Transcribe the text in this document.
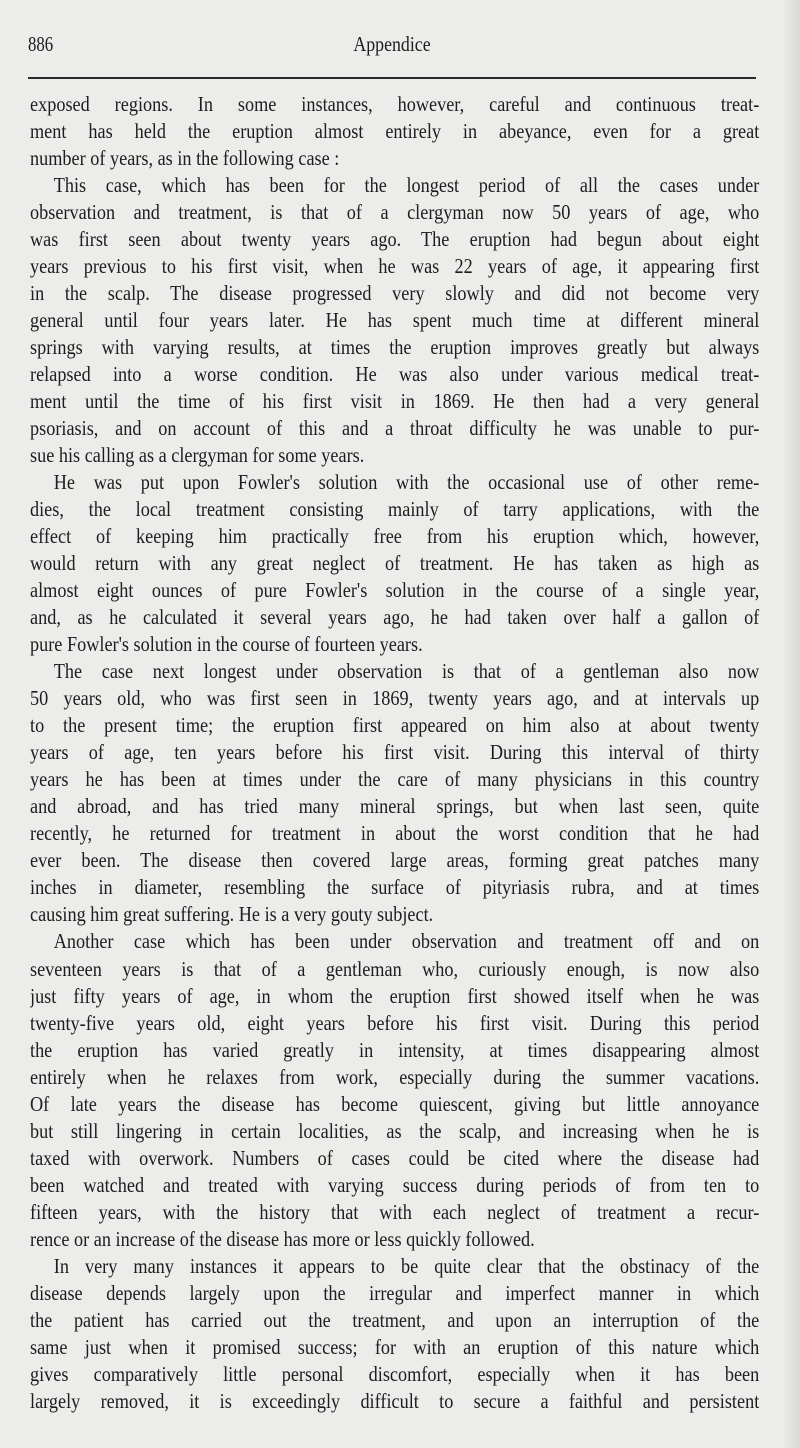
886	Appendice
exposed regions. In some instances, however, careful and continuous treat-
ment has held the eruption almost entirely in abeyance, even for a great
number of years, as in the following case :
This case, which has been for the longest period of all the cases under
observation and treatment, is that of a clergyman now 50 years of age, who
was first seen about twenty years ago. The eruption had begun about eight
years previous to his first visit, when he was 22 years of age, it appearing first
in the scalp. The disease progressed very slowly and did not become very
general until four years later. He has spent much time at different mineral
springs with varying results, at times the eruption improves greatly but always
relapsed into a worse condition. He was also under various medical treat-
ment until the time of his first visit in 1869. He then had a very general
psoriasis, and on account of this and a throat difficulty he was unable to pur-
sue his calling as a clergyman for some years.
He was put upon Fowler's solution with the occasional use of other reme-
dies, the local treatment consisting mainly of tarry applications, with the
effect of keeping him practically free from his eruption which, however,
would return with any great neglect of treatment. He has taken as high as
almost eight ounces of pure Fowler's solution in the course of a single year,
and, as he calculated it several years ago, he had taken over half a gallon of
pure Fowler's solution in the course of fourteen years.
The case next longest under observation is that of a gentleman also now
50 years old, who was first seen in 1869, twenty years ago, and at intervals up
to the present time; the eruption first appeared on him also at about twenty
years of age, ten years before his first visit. During this interval of thirty
years he has been at times under the care of many physicians in this country
and abroad, and has tried many mineral springs, but when last seen, quite
recently, he returned for treatment in about the worst condition that he had
ever been. The disease then covered large areas, forming great patches many
inches in diameter, resembling the surface of pityriasis rubra, and at times
causing him great suffering. He is a very gouty subject.
Another case which has been under observation and treatment off and on
seventeen years is that of a gentleman who, curiously enough, is now also
just fifty years of age, in whom the eruption first showed itself when he was
twenty-five years old, eight years before his first visit. During this period
the eruption has varied greatly in intensity, at times disappearing almost
entirely when he relaxes from work, especially during the summer vacations.
Of late years the disease has become quiescent, giving but little annoyance
but still lingering in certain localities, as the scalp, and increasing when he is
taxed with overwork. Numbers of cases could be cited where the disease had
been watched and treated with varying success during periods of from ten to
fifteen years, with the history that with each neglect of treatment a recur-
rence or an increase of the disease has more or less quickly followed.
In very many instances it appears to be quite clear that the obstinacy of the
disease depends largely upon the irregular and imperfect manner in which
the patient has carried out the treatment, and upon an interruption of the
same just when it promised success; for with an eruption of this nature which
gives comparatively little personal discomfort, especially when it has been
largely removed, it is exceedingly difficult to secure a faithful and persistent
